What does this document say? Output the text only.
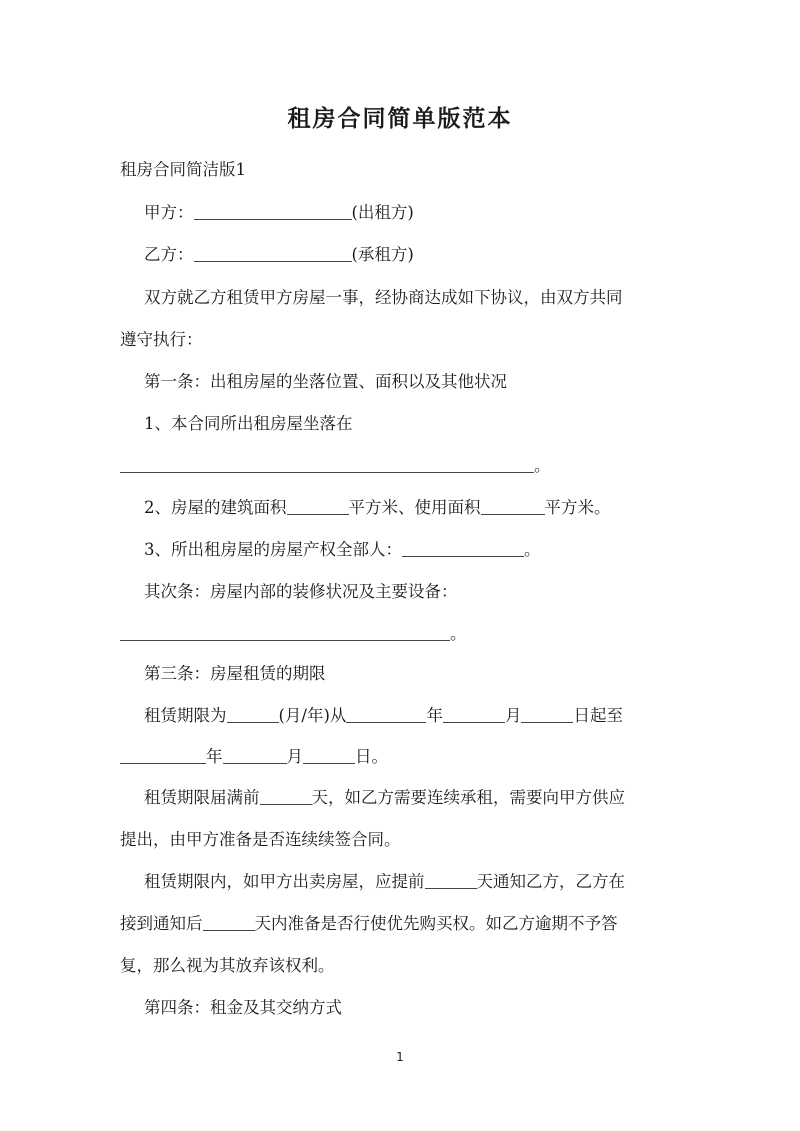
租房合同简单版范本
租房合同简洁版1
甲方：	(出租方)
乙方：	(承租方)
双方就乙方租赁甲方房屋一事，经协商达成如下协议，由双方共同
遵守执行：
第一条：出租房屋的坐落位置、面积以及其他状况
1、本合同所出租房屋坐落在
。
2、房屋的建筑面积	平方米、使用面积	平方米。
3、所出租房屋的房屋产权全部人：	。
其次条：房屋内部的装修状况及主要设备：
。
第三条：房屋租赁的期限
租赁期限为	(月/年)从	年	月	日起至
年	月	日。
租赁期限届满前	天，如乙方需要连续承租，需要向甲方供应
提出，由甲方准备是否连续续签合同。
租赁期限内，如甲方出卖房屋，应提前	天通知乙方，乙方在
接到通知后	天内准备是否行使优先购买权。如乙方逾期不予答
复，那么视为其放弃该权利。
第四条：租金及其交纳方式
1
